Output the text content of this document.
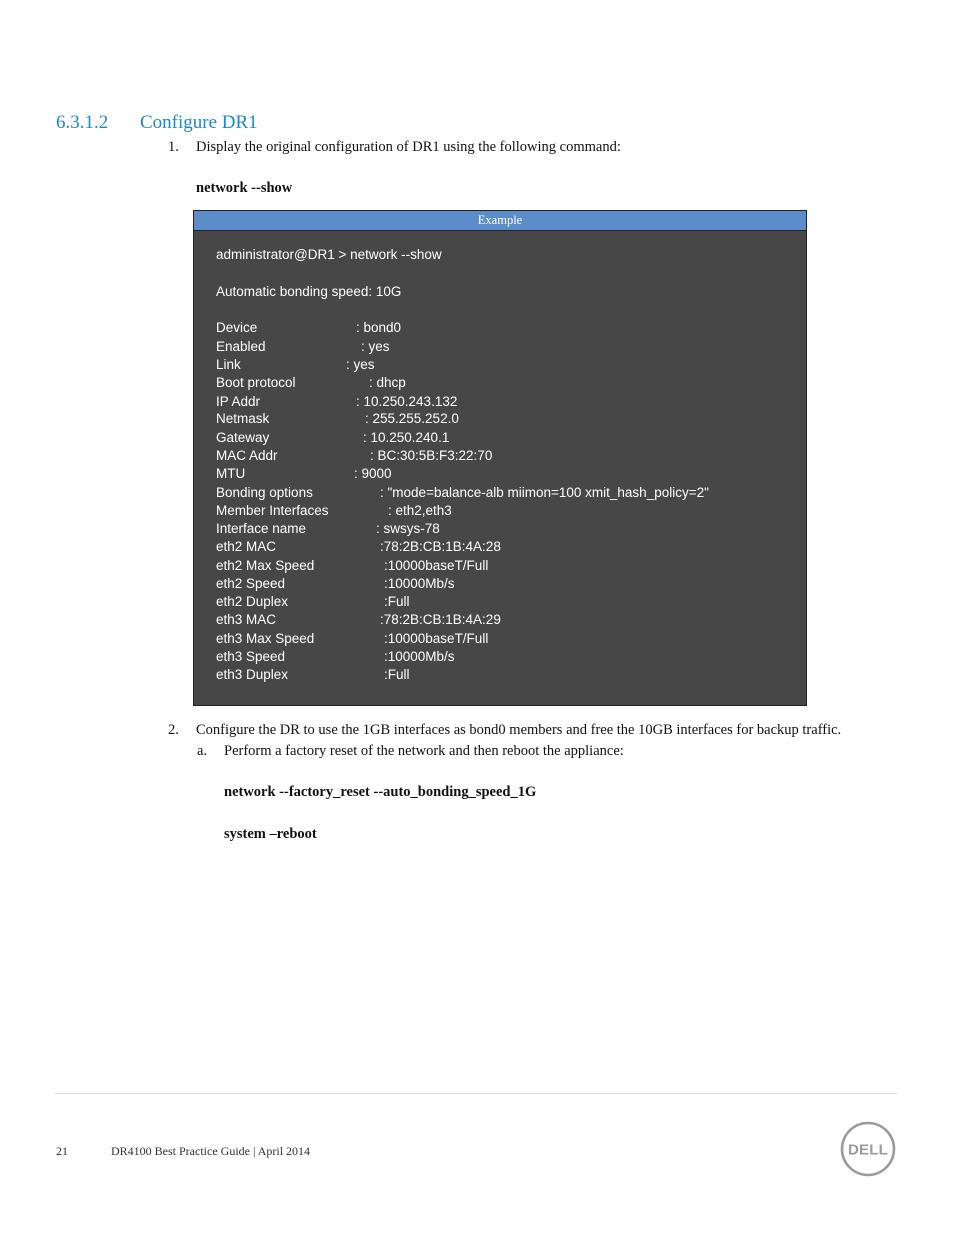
6.3.1.2 Configure DR1
1. Display the original configuration of DR1 using the following command:
network --show
Example
administrator@DR1 > network --show
Automatic bonding speed: 10G
Device	: bond0
Enabled	: yes
Link	: yes
Boot protocol	: dhcp
IP Addr	: 10.250.243.132
Netmask	: 255.255.252.0
Gateway	: 10.250.240.1
MAC Addr	: BC:30:5B:F3:22:70
MTU	: 9000
Bonding options	: "mode=balance-alb miimon=100 xmit_hash_policy=2"
Member Interfaces	: eth2,eth3
Interface name	: swsys-78
eth2 MAC	:78:2B:CB:1B:4A:28
eth2 Max Speed	:10000baseT/Full
eth2 Speed	:10000Mb/s
eth2 Duplex	:Full
eth3 MAC	:78:2B:CB:1B:4A:29
eth3 Max Speed	:10000baseT/Full
eth3 Speed	:10000Mb/s
eth3 Duplex	:Full
2. Configure the DR to use the 1GB interfaces as bond0 members and free the 10GB interfaces for backup traffic.
a. Perform a factory reset of the network and then reboot the appliance:
network --factory_reset --auto_bonding_speed_1G
system –reboot
21	DR4100 Best Practice Guide | April 2014	DELL
